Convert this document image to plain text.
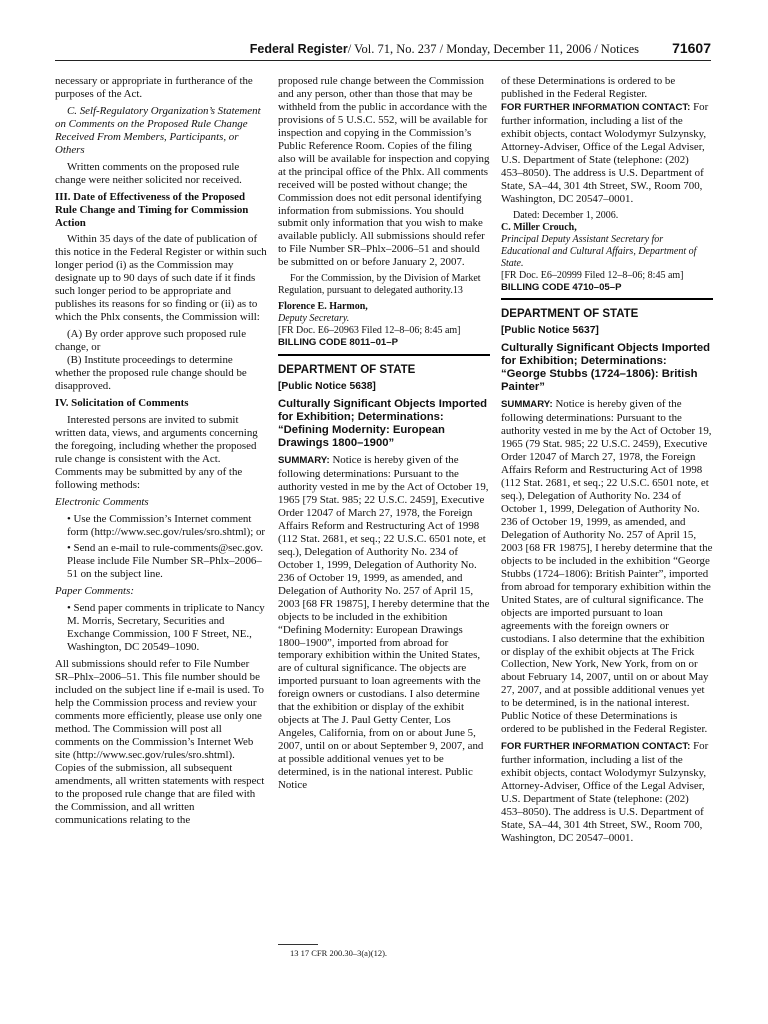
Federal Register/ Vol. 71, No. 237 / Monday, December 11, 2006 / Notices 71607

necessary or appropriate in furtherance of the purposes of the Act.

C. Self-Regulatory Organization’s Statement on Comments on the Proposed Rule Change Received From Members, Participants, or Others

Written comments on the proposed rule change were neither solicited nor received.

III. Date of Effectiveness of the Proposed Rule Change and Timing for Commission Action

Within 35 days of the date of publication of this notice in the Federal Register or within such longer period (i) as the Commission may designate up to 90 days of such date if it finds such longer period to be appropriate and publishes its reasons for so finding or (ii) as to which the Phlx consents, the Commission will:

(A) By order approve such proposed rule change, or

(B) Institute proceedings to determine whether the proposed rule change should be disapproved.

IV. Solicitation of Comments

Interested persons are invited to submit written data, views, and arguments concerning the foregoing, including whether the proposed rule change is consistent with the Act. Comments may be submitted by any of the following methods:

Electronic Comments

• Use the Commission’s Internet comment form (http://www.sec.gov/rules/sro.shtml); or

• Send an e-mail to rule-comments@sec.gov. Please include File Number SR–Phlx–2006–51 on the subject line.

Paper Comments:

• Send paper comments in triplicate to Nancy M. Morris, Secretary, Securities and Exchange Commission, 100 F Street, NE., Washington, DC 20549–1090.

All submissions should refer to File Number SR–Phlx–2006–51. This file number should be included on the subject line if e-mail is used. To help the Commission process and review your comments more efficiently, please use only one method. The Commission will post all comments on the Commission’s Internet Web site (http://www.sec.gov/rules/sro.shtml). Copies of the submission, all subsequent amendments, all written statements with respect to the proposed rule change that are filed with the Commission, and all written communications relating to the

proposed rule change between the Commission and any person, other than those that may be withheld from the public in accordance with the provisions of 5 U.S.C. 552, will be available for inspection and copying in the Commission’s Public Reference Room. Copies of the filing also will be available for inspection and copying at the principal office of the Phlx. All comments received will be posted without change; the Commission does not edit personal identifying information from submissions. You should submit only information that you wish to make available publicly. All submissions should refer to File Number SR–Phlx–2006–51 and should be submitted on or before January 2, 2007.

For the Commission, by the Division of Market Regulation, pursuant to delegated authority.13

Florence E. Harmon,

Deputy Secretary.

[FR Doc. E6–20963 Filed 12–8–06; 8:45 am]

BILLING CODE 8011–01–P

DEPARTMENT OF STATE

[Public Notice 5638]

Culturally Significant Objects Imported for Exhibition; Determinations: “Defining Modernity: European Drawings 1800–1900”

SUMMARY: Notice is hereby given of the following determinations: Pursuant to the authority vested in me by the Act of October 19, 1965 [79 Stat. 985; 22 U.S.C. 2459], Executive Order 12047 of March 27, 1978, the Foreign Affairs Reform and Restructuring Act of 1998 (112 Stat. 2681, et seq.; 22 U.S.C. 6501 note, et seq.), Delegation of Authority No. 234 of October 1, 1999, Delegation of Authority No. 236 of October 19, 1999, as amended, and Delegation of Authority No. 257 of April 15, 2003 [68 FR 19875], I hereby determine that the objects to be included in the exhibition “Defining Modernity: European Drawings 1800–1900”, imported from abroad for temporary exhibition within the United States, are of cultural significance. The objects are imported pursuant to loan agreements with the foreign owners or custodians. I also determine that the exhibition or display of the exhibit objects at The J. Paul Getty Center, Los Angeles, California, from on or about June 5, 2007, until on or about September 9, 2007, and at possible additional venues yet to be determined, is in the national interest. Public Notice

13 17 CFR 200.30–3(a)(12).

of these Determinations is ordered to be published in the Federal Register.

FOR FURTHER INFORMATION CONTACT: For further information, including a list of the exhibit objects, contact Wolodymyr Sulzynsky, Attorney-Adviser, Office of the Legal Adviser, U.S. Department of State (telephone: (202) 453–8050). The address is U.S. Department of State, SA–44, 301 4th Street, SW., Room 700, Washington, DC 20547–0001.

Dated: December 1, 2006.

C. Miller Crouch,

Principal Deputy Assistant Secretary for Educational and Cultural Affairs, Department of State.

[FR Doc. E6–20999 Filed 12–8–06; 8:45 am]

BILLING CODE 4710–05–P

DEPARTMENT OF STATE

[Public Notice 5637]

Culturally Significant Objects Imported for Exhibition; Determinations: “George Stubbs (1724–1806): British Painter”

SUMMARY: Notice is hereby given of the following determinations: Pursuant to the authority vested in me by the Act of October 19, 1965 (79 Stat. 985; 22 U.S.C. 2459), Executive Order 12047 of March 27, 1978, the Foreign Affairs Reform and Restructuring Act of 1998 (112 Stat. 2681, et seq.; 22 U.S.C. 6501 note, et seq.), Delegation of Authority No. 234 of October 1, 1999, Delegation of Authority No. 236 of October 19, 1999, as amended, and Delegation of Authority No. 257 of April 15, 2003 [68 FR 19875], I hereby determine that the objects to be included in the exhibition “George Stubbs (1724–1806): British Painter”, imported from abroad for temporary exhibition within the United States, are of cultural significance. The objects are imported pursuant to loan agreements with the foreign owners or custodians. I also determine that the exhibition or display of the exhibit objects at The Frick Collection, New York, New York, from on or about February 14, 2007, until on or about May 27, 2007, and at possible additional venues yet to be determined, is in the national interest. Public Notice of these Determinations is ordered to be published in the Federal Register.

FOR FURTHER INFORMATION CONTACT: For further information, including a list of the exhibit objects, contact Wolodymyr Sulzynsky, Attorney-Adviser, Office of the Legal Adviser, U.S. Department of State (telephone: (202) 453–8050). The address is U.S. Department of State, SA–44, 301 4th Street, SW., Room 700, Washington, DC 20547–0001.
